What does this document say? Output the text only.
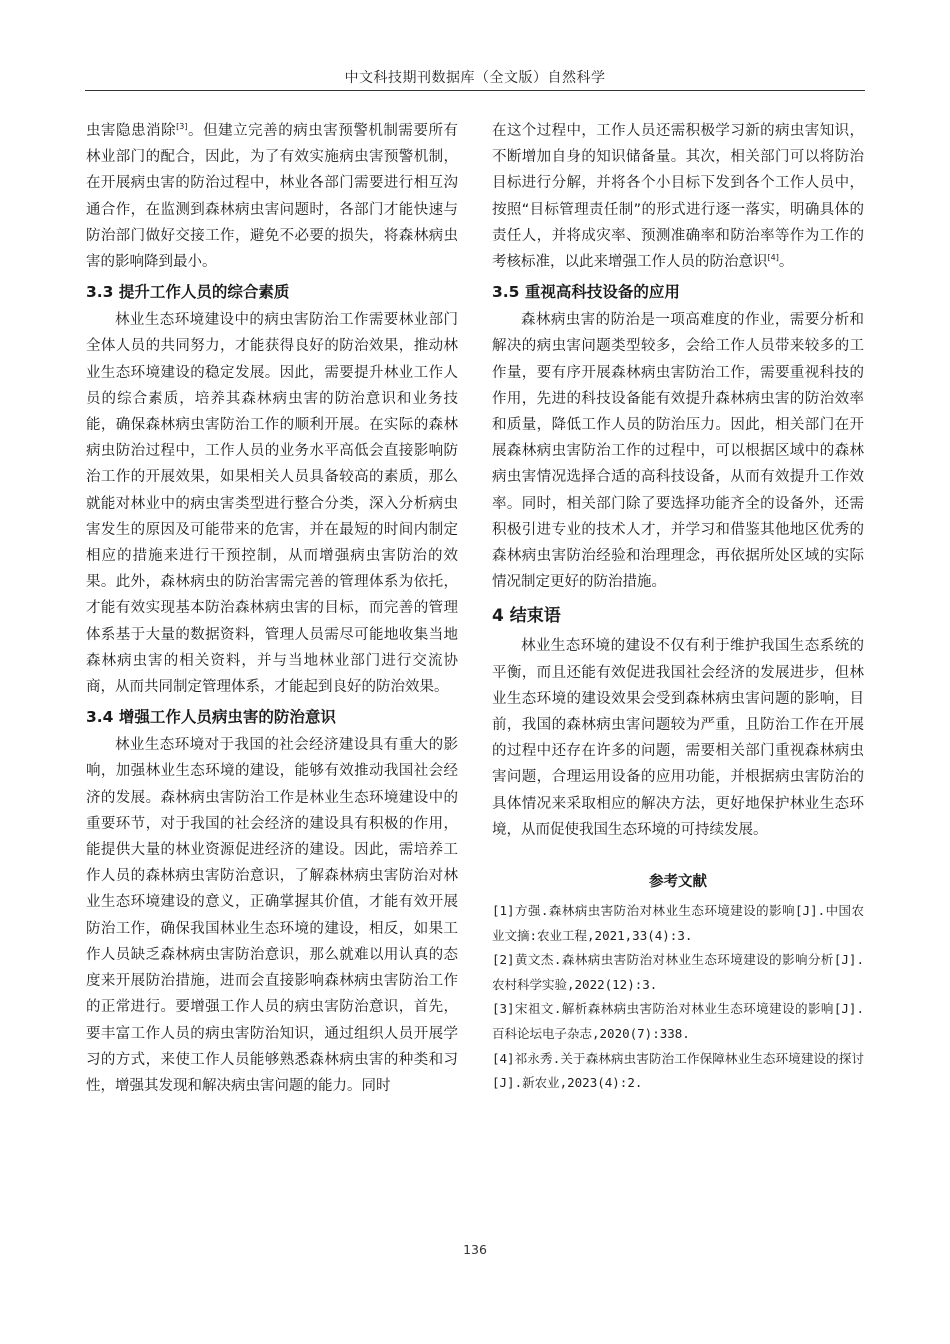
中文科技期刊数据库（全文版）自然科学

虫害隐患消除[3]。但建立完善的病虫害预警机制需要所有林业部门的配合，因此，为了有效实施病虫害预警机制，在开展病虫害的防治过程中，林业各部门需要进行相互沟通合作，在监测到森林病虫害问题时，各部门才能快速与防治部门做好交接工作，避免不必要的损失，将森林病虫害的影响降到最小。

3.3 提升工作人员的综合素质

林业生态环境建设中的病虫害防治工作需要林业部门全体人员的共同努力，才能获得良好的防治效果，推动林业生态环境建设的稳定发展。因此，需要提升林业工作人员的综合素质，培养其森林病虫害的防治意识和业务技能，确保森林病虫害防治工作的顺利开展。在实际的森林病虫防治过程中，工作人员的业务水平高低会直接影响防治工作的开展效果，如果相关人员具备较高的素质，那么就能对林业中的病虫害类型进行整合分类，深入分析病虫害发生的原因及可能带来的危害，并在最短的时间内制定相应的措施来进行干预控制，从而增强病虫害防治的效果。此外，森林病虫的防治害需完善的管理体系为依托，才能有效实现基本防治森林病虫害的目标，而完善的管理体系基于大量的数据资料，管理人员需尽可能地收集当地森林病虫害的相关资料，并与当地林业部门进行交流协商，从而共同制定管理体系，才能起到良好的防治效果。

3.4 增强工作人员病虫害的防治意识

林业生态环境对于我国的社会经济建设具有重大的影响，加强林业生态环境的建设，能够有效推动我国社会经济的发展。森林病虫害防治工作是林业生态环境建设中的重要环节，对于我国的社会经济的建设具有积极的作用，能提供大量的林业资源促进经济的建设。因此，需培养工作人员的森林病虫害防治意识，了解森林病虫害防治对林业生态环境建设的意义，正确掌握其价值，才能有效开展防治工作，确保我国林业生态环境的建设，相反，如果工作人员缺乏森林病虫害防治意识，那么就难以用认真的态度来开展防治措施，进而会直接影响森林病虫害防治工作的正常进行。要增强工作人员的病虫害防治意识，首先，要丰富工作人员的病虫害防治知识，通过组织人员开展学习的方式，来使工作人员能够熟悉森林病虫害的种类和习性，增强其发现和解决病虫害问题的能力。同时

在这个过程中，工作人员还需积极学习新的病虫害知识，不断增加自身的知识储备量。其次，相关部门可以将防治目标进行分解，并将各个小目标下发到各个工作人员中，按照“目标管理责任制”的形式进行逐一落实，明确具体的责任人，并将成灾率、预测准确率和防治率等作为工作的考核标准，以此来增强工作人员的防治意识[4]。

3.5 重视高科技设备的应用

森林病虫害的防治是一项高难度的作业，需要分析和解决的病虫害问题类型较多，会给工作人员带来较多的工作量，要有序开展森林病虫害防治工作，需要重视科技的作用，先进的科技设备能有效提升森林病虫害的防治效率和质量，降低工作人员的防治压力。因此，相关部门在开展森林病虫害防治工作的过程中，可以根据区域中的森林病虫害情况选择合适的高科技设备，从而有效提升工作效率。同时，相关部门除了要选择功能齐全的设备外，还需积极引进专业的技术人才，并学习和借鉴其他地区优秀的森林病虫害防治经验和治理理念，再依据所处区域的实际情况制定更好的防治措施。

4 结束语

林业生态环境的建设不仅有利于维护我国生态系统的平衡，而且还能有效促进我国社会经济的发展进步，但林业生态环境的建设效果会受到森林病虫害问题的影响，目前，我国的森林病虫害问题较为严重，且防治工作在开展的过程中还存在许多的问题，需要相关部门重视森林病虫害问题，合理运用设备的应用功能，并根据病虫害防治的具体情况来采取相应的解决方法，更好地保护林业生态环境，从而促使我国生态环境的可持续发展。

参考文献
[1]方强.森林病虫害防治对林业生态环境建设的影响[J].中国农业文摘:农业工程,2021,33(4):3.
[2]黄文杰.森林病虫害防治对林业生态环境建设的影响分析[J].农村科学实验,2022(12):3.
[3]宋祖文.解析森林病虫害防治对林业生态环境建设的影响[J].百科论坛电子杂志,2020(7):338.
[4]祁永秀.关于森林病虫害防治工作保障林业生态环境建设的探讨[J].新农业,2023(4):2.
136
